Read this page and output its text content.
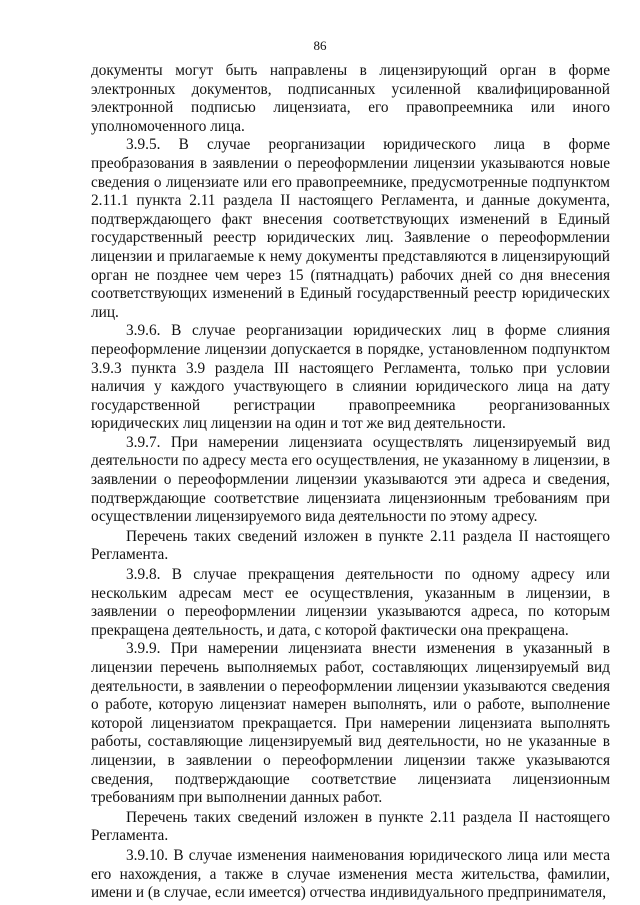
86

документы могут быть направлены в лицензирующий орган в форме электронных документов, подписанных усиленной квалифицированной электронной подписью лицензиата, его правопреемника или иного уполномоченного лица.

3.9.5. В случае реорганизации юридического лица в форме преобразования в заявлении о переоформлении лицензии указываются новые сведения о лицензиате или его правопреемнике, предусмотренные подпунктом 2.11.1 пункта 2.11 раздела II настоящего Регламента, и данные документа, подтверждающего факт внесения соответствующих изменений в Единый государственный реестр юридических лиц. Заявление о переоформлении лицензии и прилагаемые к нему документы представляются в лицензирующий орган не позднее чем через 15 (пятнадцать) рабочих дней со дня внесения соответствующих изменений в Единый государственный реестр юридических лиц.

3.9.6. В случае реорганизации юридических лиц в форме слияния переоформление лицензии допускается в порядке, установленном подпунктом 3.9.3 пункта 3.9 раздела III настоящего Регламента, только при условии наличия у каждого участвующего в слиянии юридического лица на дату государственной регистрации правопреемника реорганизованных юридических лиц лицензии на один и тот же вид деятельности.

3.9.7. При намерении лицензиата осуществлять лицензируемый вид деятельности по адресу места его осуществления, не указанному в лицензии, в заявлении о переоформлении лицензии указываются эти адреса и сведения, подтверждающие соответствие лицензиата лицензионным требованиям при осуществлении лицензируемого вида деятельности по этому адресу.

Перечень таких сведений изложен в пункте 2.11 раздела II настоящего Регламента.

3.9.8. В случае прекращения деятельности по одному адресу или нескольким адресам мест ее осуществления, указанным в лицензии, в заявлении о переоформлении лицензии указываются адреса, по которым прекращена деятельность, и дата, с которой фактически она прекращена.

3.9.9. При намерении лицензиата внести изменения в указанный в лицензии перечень выполняемых работ, составляющих лицензируемый вид деятельности, в заявлении о переоформлении лицензии указываются сведения о работе, которую лицензиат намерен выполнять, или о работе, выполнение которой лицензиатом прекращается. При намерении лицензиата выполнять работы, составляющие лицензируемый вид деятельности, но не указанные в лицензии, в заявлении о переоформлении лицензии также указываются сведения, подтверждающие соответствие лицензиата лицензионным требованиям при выполнении данных работ.

Перечень таких сведений изложен в пункте 2.11 раздела II настоящего Регламента.

3.9.10. В случае изменения наименования юридического лица или места его нахождения, а также в случае изменения места жительства, фамилии, имени и (в случае, если имеется) отчества индивидуального предпринимателя,
